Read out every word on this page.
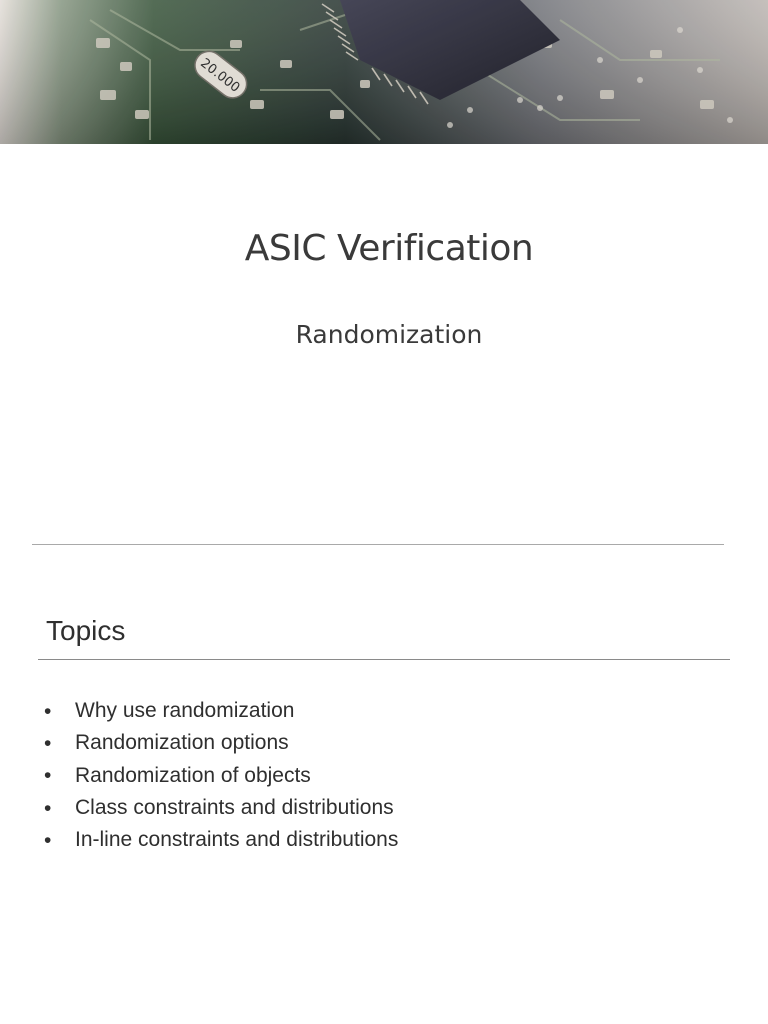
20.000
ASIC Verification
Randomization
Topics
•	Why use randomization
•	Randomization options
•	Randomization of objects
•	Class constraints and distributions
•	In-line constraints and distributions
